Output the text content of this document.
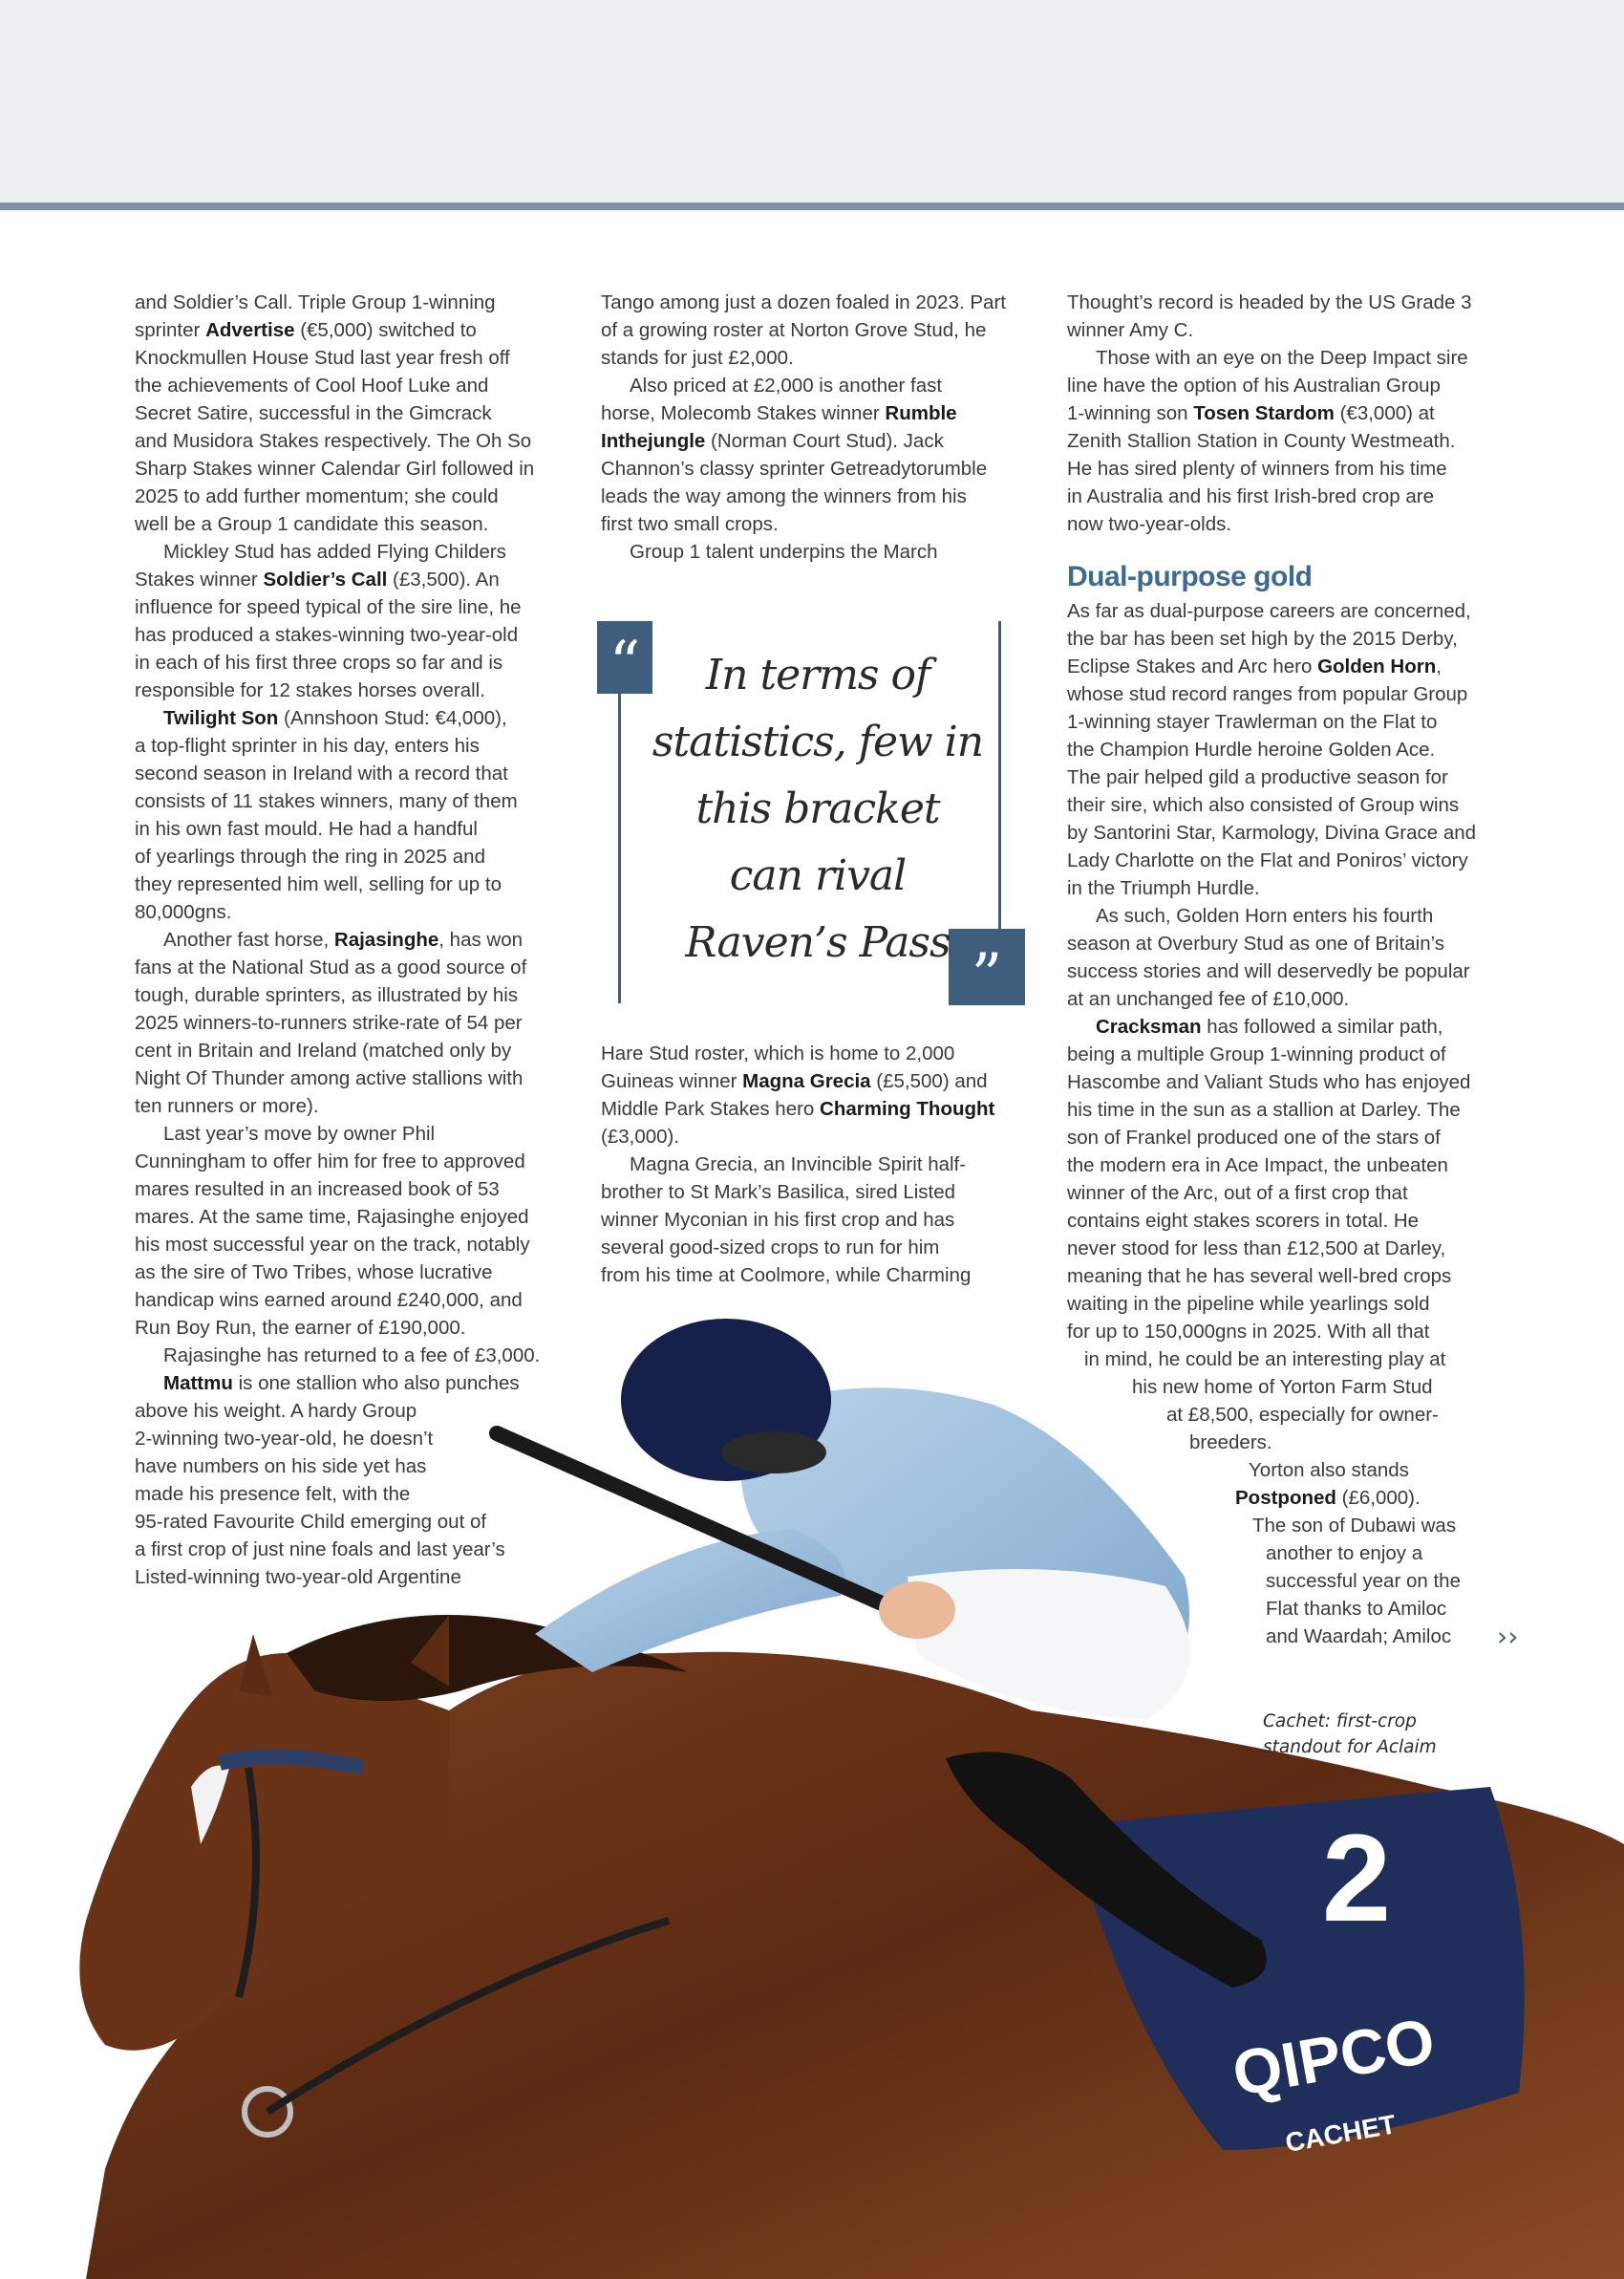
and Soldier’s Call. Triple Group 1-winning
sprinter Advertise (€5,000) switched to
Knockmullen House Stud last year fresh off
the achievements of Cool Hoof Luke and
Secret Satire, successful in the Gimcrack
and Musidora Stakes respectively. The Oh So
Sharp Stakes winner Calendar Girl followed in
2025 to add further momentum; she could
well be a Group 1 candidate this season.
Mickley Stud has added Flying Childers
Stakes winner Soldier’s Call (£3,500). An
influence for speed typical of the sire line, he
has produced a stakes-winning two-year-old
in each of his first three crops so far and is
responsible for 12 stakes horses overall.
Twilight Son (Annshoon Stud: €4,000),
a top-flight sprinter in his day, enters his
second season in Ireland with a record that
consists of 11 stakes winners, many of them
in his own fast mould. He had a handful
of yearlings through the ring in 2025 and
they represented him well, selling for up to
80,000gns.
Another fast horse, Rajasinghe, has won
fans at the National Stud as a good source of
tough, durable sprinters, as illustrated by his
2025 winners-to-runners strike-rate of 54 per
cent in Britain and Ireland (matched only by
Night Of Thunder among active stallions with
ten runners or more).
Last year’s move by owner Phil
Cunningham to offer him for free to approved
mares resulted in an increased book of 53
mares. At the same time, Rajasinghe enjoyed
his most successful year on the track, notably
as the sire of Two Tribes, whose lucrative
handicap wins earned around £240,000, and
Run Boy Run, the earner of £190,000.
Rajasinghe has returned to a fee of £3,000.
Mattmu is one stallion who also punches
above his weight. A hardy Group
2-winning two-year-old, he doesn’t
have numbers on his side yet has
made his presence felt, with the
95-rated Favourite Child emerging out of
a first crop of just nine foals and last year’s
Listed-winning two-year-old Argentine
Tango among just a dozen foaled in 2023. Part
of a growing roster at Norton Grove Stud, he
stands for just £2,000.
Also priced at £2,000 is another fast
horse, Molecomb Stakes winner Rumble
Inthejungle (Norman Court Stud). Jack
Channon’s classy sprinter Getreadytorumble
leads the way among the winners from his
first two small crops.
Group 1 talent underpins the March
Hare Stud roster, which is home to 2,000
Guineas winner Magna Grecia (£5,500) and
Middle Park Stakes hero Charming Thought
(£3,000).
Magna Grecia, an Invincible Spirit half-
brother to St Mark’s Basilica, sired Listed
winner Myconian in his first crop and has
several good-sized crops to run for him
from his time at Coolmore, while Charming
Thought’s record is headed by the US Grade 3
winner Amy C.
Those with an eye on the Deep Impact sire
line have the option of his Australian Group
1-winning son Tosen Stardom (€3,000) at
Zenith Stallion Station in County Westmeath.
He has sired plenty of winners from his time
in Australia and his first Irish-bred crop are
now two-year-olds.
Dual-purpose gold
As far as dual-purpose careers are concerned,
the bar has been set high by the 2015 Derby,
Eclipse Stakes and Arc hero Golden Horn,
whose stud record ranges from popular Group
1-winning stayer Trawlerman on the Flat to
the Champion Hurdle heroine Golden Ace.
The pair helped gild a productive season for
their sire, which also consisted of Group wins
by Santorini Star, Karmology, Divina Grace and
Lady Charlotte on the Flat and Poniros’ victory
in the Triumph Hurdle.
As such, Golden Horn enters his fourth
season at Overbury Stud as one of Britain’s
success stories and will deservedly be popular
at an unchanged fee of £10,000.
Cracksman has followed a similar path,
being a multiple Group 1-winning product of
Hascombe and Valiant Studs who has enjoyed
his time in the sun as a stallion at Darley. The
son of Frankel produced one of the stars of
the modern era in Ace Impact, the unbeaten
winner of the Arc, out of a first crop that
contains eight stakes scorers in total. He
never stood for less than £12,500 at Darley,
meaning that he has several well-bred crops
waiting in the pipeline while yearlings sold
for up to 150,000gns in 2025. With all that
in mind, he could be an interesting play at
his new home of Yorton Farm Stud
at £8,500, especially for owner-
breeders.
Yorton also stands
Postponed (£6,000).
The son of Dubawi was
another to enjoy a
successful year on the
Flat thanks to Amiloc
and Waardah; Amiloc
“
”
In terms of
statistics, few in
this bracket
can rival
Raven’s Pass
››
2
QIPCO
CACHET
Cachet: first-crop
standout for Aclaim
